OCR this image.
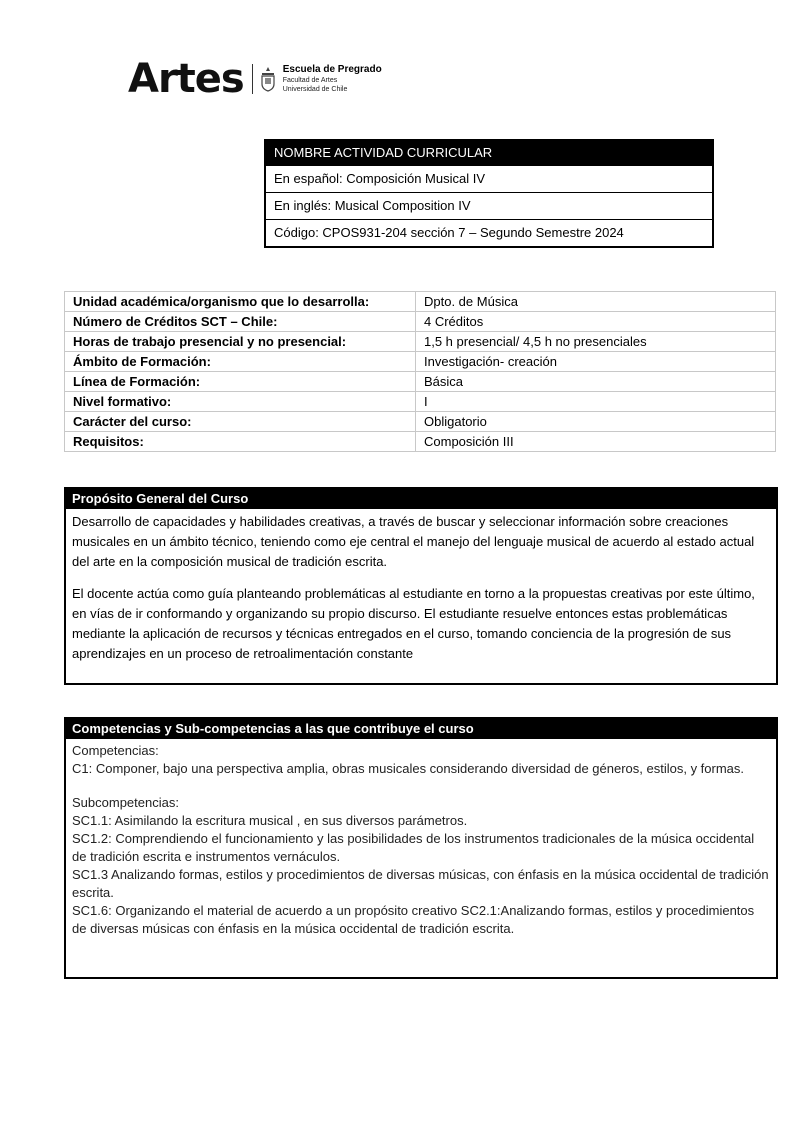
Artes	Escuela de Pregrado
Facultad de Artes
Universidad de Chile
NOMBRE ACTIVIDAD CURRICULAR
En español: Composición Musical IV
En inglés: Musical Composition IV
Código: CPOS931-204 sección 7 – Segundo Semestre 2024
Unidad académica/organismo que lo desarrolla:	Dpto. de Música
Número de Créditos SCT – Chile:	4 Créditos
Horas de trabajo presencial y no presencial:	1,5 h presencial/ 4,5 h no presenciales
Ámbito de Formación:	Investigación- creación
Línea de Formación:	Básica
Nivel formativo:	I
Carácter del curso:	Obligatorio
Requisitos:	Composición III
Propósito General del Curso

Desarrollo de capacidades y habilidades creativas, a través de buscar y seleccionar información sobre creaciones musicales en un ámbito técnico, teniendo como eje central el manejo del lenguaje musical de acuerdo al estado actual del arte en la composición musical de tradición escrita.

El docente actúa como guía planteando problemáticas al estudiante en torno a la propuestas creativas por este último, en vías de ir conformando y organizando su propio discurso. El estudiante resuelve entonces estas problemáticas mediante la aplicación de recursos y técnicas entregados en el curso, tomando conciencia de la progresión de sus aprendizajes en un proceso de retroalimentación constante

Competencias y Sub-competencias a las que contribuye el curso
Competencias:
C1: Componer, bajo una perspectiva amplia, obras musicales considerando diversidad de géneros, estilos, y formas.
Subcompetencias:
SC1.1: Asimilando la escritura musical , en sus diversos parámetros.
SC1.2: Comprendiendo el funcionamiento y las posibilidades de los instrumentos tradicionales de la música occidental de tradición escrita e instrumentos vernáculos.
SC1.3 Analizando formas, estilos y procedimientos de diversas músicas, con énfasis en la música occidental de tradición escrita.
SC1.6: Organizando el material de acuerdo a un propósito creativo SC2.1:Analizando formas, estilos y procedimientos de diversas músicas con énfasis en la música occidental de tradición escrita.
